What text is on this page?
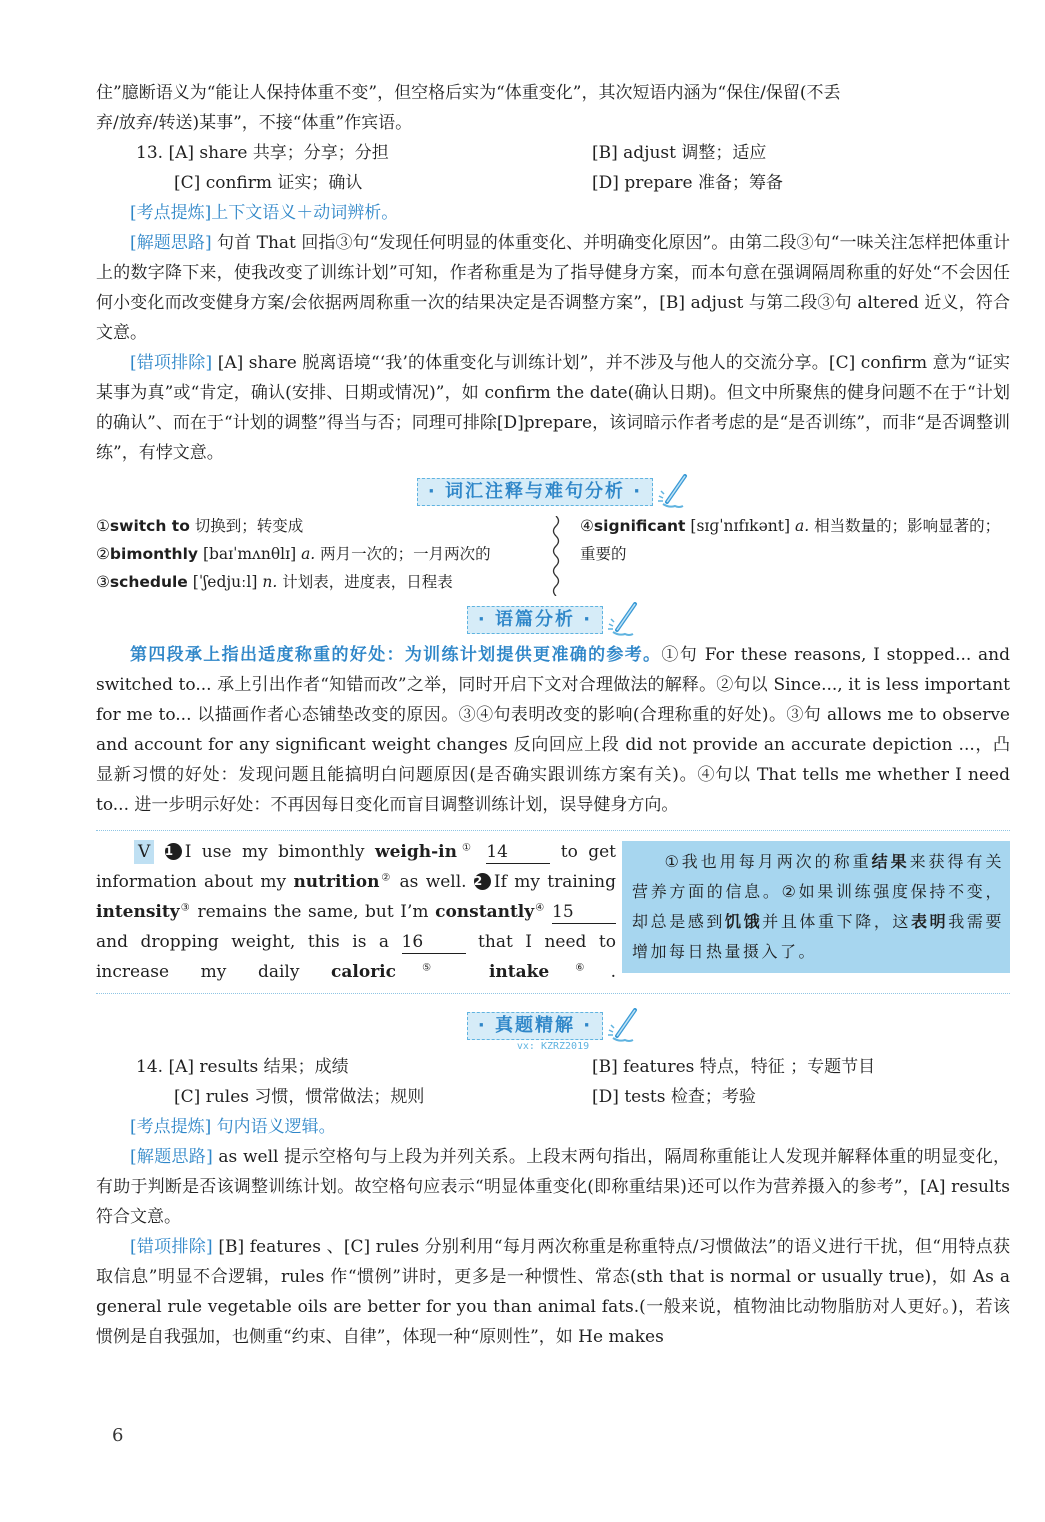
住”臆断语义为“能让人保持体重不变”，但空格后实为“体重变化”，其次短语内涵为“保住/保留(不丢
弃/放弃/转送)某事”，不接“体重”作宾语。
13. [A] share 共享；分享；分担	[B] adjust 调整；适应
[C] confirm 证实；确认	[D] prepare 准备；筹备
[考点提炼]上下文语义＋动词辨析。
[解题思路] 句首 That 回指③句“发现任何明显的体重变化、并明确变化原因”。由第二段③句“一味关注怎样把体重计上的数字降下来，使我改变了训练计划”可知，作者称重是为了指导健身方案，而本句意在强调隔周称重的好处“不会因任何小变化而改变健身方案/会依据两周称重一次的结果决定是否调整方案”，[B] adjust 与第二段③句 altered 近义，符合文意。
[错项排除] [A] share 脱离语境“‘我’的体重变化与训练计划”，并不涉及与他人的交流分享。[C] confirm 意为“证实某事为真”或“肯定，确认(安排、日期或情况)”，如 confirm the date(确认日期)。但文中所聚焦的健身问题不在于“计划的确认”、而在于“计划的调整”得当与否；同理可排除[D]prepare，该词暗示作者考虑的是“是否训练”，而非“是否调整训练”，有悖文意。
· 词汇注释与难句分析 ·
①switch to 切换到；转变成
②bimonthly [baɪˈmʌnθlɪ] a. 两月一次的；一月两次的
③schedule [ˈʃedjuːl] n. 计划表，进度表，日程表
④significant [sɪɡˈnɪfɪkənt] a. 相当数量的；影响显著的；重要的
· 语篇分析 ·
第四段承上指出适度称重的好处：为训练计划提供更准确的参考。①句 For these reasons, I stopped... and switched to... 承上引出作者“知错而改”之举，同时开启下文对合理做法的解释。②句以 Since..., it is less important for me to... 以描画作者心态铺垫改变的原因。③④句表明改变的影响(合理称重的好处)。③句 allows me to observe and account for any significant weight changes 反向回应上段 did not provide an accurate depiction ...，凸显新习惯的好处：发现问题且能搞明白问题原因(是否确实跟训练方案有关)。④句以 That tells me whether I need to... 进一步明示好处：不再因每日变化而盲目调整训练计划，误导健身方向。
V 1 I use my bimonthly weigh-in① 14 to get information about my nutrition② as well. 2 If my training intensity③ remains the same, but I’m constantly④ 15 and dropping weight, this is a 16 that I need to increase my daily caloric⑤ intake⑥.
①我也用每月两次的称重结果来获得有关营养方面的信息。②如果训练强度保持不变，却总是感到饥饿并且体重下降，这表明我需要增加每日热量摄入了。
· 真题精解 ·
vx: KZRZ2019
14. [A] results 结果；成绩	[B] features 特点，特征 ；专题节目
[C] rules 习惯，惯常做法；规则	[D] tests 检查；考验
[考点提炼] 句内语义逻辑。
[解题思路] as well 提示空格句与上段为并列关系。上段末两句指出，隔周称重能让人发现并解释体重的明显变化，有助于判断是否该调整训练计划。故空格句应表示“明显体重变化(即称重结果)还可以作为营养摄入的参考”，[A] results 符合文意。
[错项排除] [B] features 、[C] rules 分别利用“每月两次称重是称重特点/习惯做法”的语义进行干扰，但“用特点获取信息”明显不合逻辑，rules 作“惯例”讲时，更多是一种惯性、常态(sth that is normal or usually true)，如 As a general rule vegetable oils are better for you than animal fats.(一般来说，植物油比动物脂肪对人更好。)，若该惯例是自我强加，也侧重“约束、自律”，体现一种“原则性”，如 He makes
6
